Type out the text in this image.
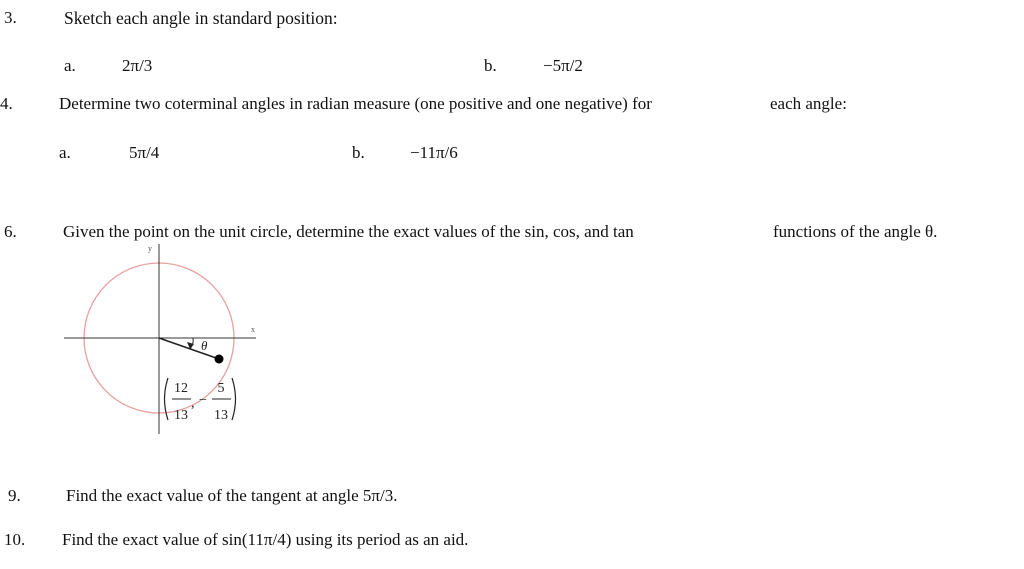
3.	Sketch each angle in standard position:
a.	2π/3	b.	−5π/2
4.	Determine two coterminal angles in radian measure (one positive and one negative) for	each angle:
a.	5π/4	b.	−11π/6
6.	Given the point on the unit circle, determine the exact values of the sin, cos, and tan	functions of the angle θ.
x
y
θ
12
13
, −
5
13
9.	Find the exact value of the tangent at angle 5π/3.
10. Find the exact value of sin(11π/4) using its period as an aid.
